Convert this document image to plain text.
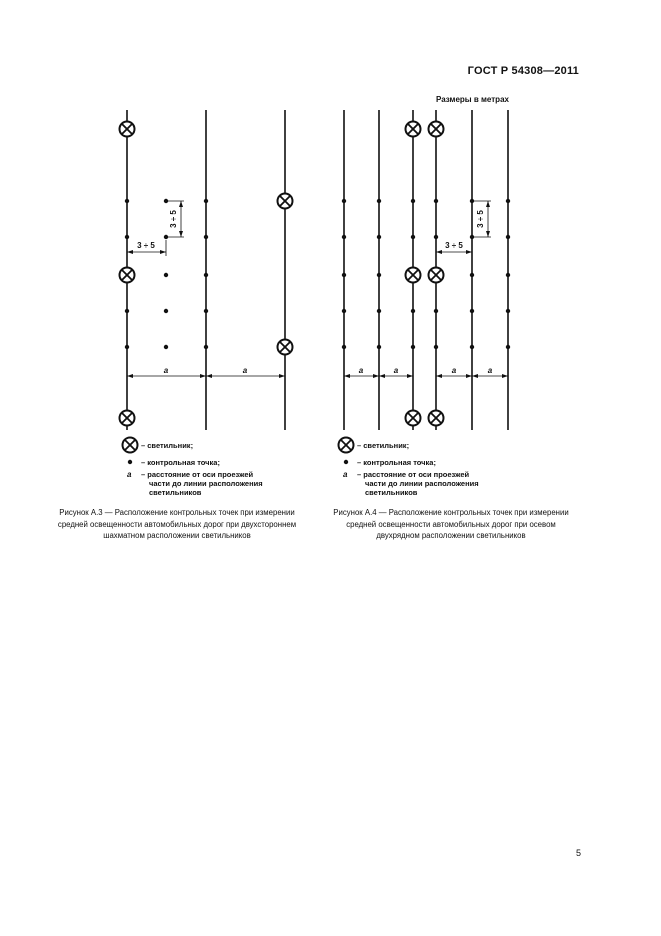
ГОСТ Р 54308—2011
Размеры в метрах
3 ÷ 5
3 ÷ 5
а	а
3 ÷ 5
3 ÷ 5
а	а	а	а
– светильник;
– контрольная точка;
а – расстояние от оси проезжей
части до линии расположения
светильников
– светильник;
– контрольная точка;
а – расстояние от оси проезжей
части до линии расположения
светильников
Рисунок А.3 — Расположение контрольных точек при измерении средней освещенности автомобильных дорог при двухстороннем шахматном расположении светильников
Рисунок А.4 — Расположение контрольных точек при измерении средней освещенности автомобильных дорог при осевом двухрядном расположении светильников
5
